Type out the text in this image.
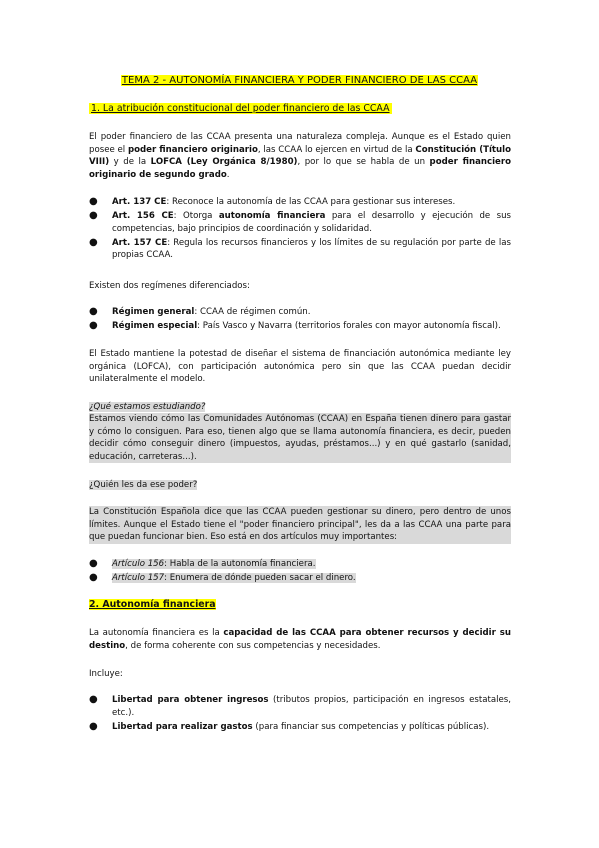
TEMA 2 - AUTONOMÍA FINANCIERA Y PODER FINANCIERO DE LAS CCAA

1. La atribución constitucional del poder financiero de las CCAA

El poder financiero de las CCAA presenta una naturaleza compleja. Aunque es el Estado quien posee el poder financiero originario, las CCAA lo ejercen en virtud de la Constitución (Título VIII) y de la LOFCA (Ley Orgánica 8/1980), por lo que se habla de un poder financiero originario de segundo grado.

● Art. 137 CE: Reconoce la autonomía de las CCAA para gestionar sus intereses.
● Art. 156 CE: Otorga autonomía financiera para el desarrollo y ejecución de sus competencias, bajo principios de coordinación y solidaridad.
● Art. 157 CE: Regula los recursos financieros y los límites de su regulación por parte de las propias CCAA.

Existen dos regímenes diferenciados:

● Régimen general: CCAA de régimen común.
● Régimen especial: País Vasco y Navarra (territorios forales con mayor autonomía fiscal).

El Estado mantiene la potestad de diseñar el sistema de financiación autonómica mediante ley orgánica (LOFCA), con participación autonómica pero sin que las CCAA puedan decidir unilateralmente el modelo.

¿Qué estamos estudiando?

Estamos viendo cómo las Comunidades Autónomas (CCAA) en España tienen dinero para gastar y cómo lo consiguen. Para eso, tienen algo que se llama autonomía financiera, es decir, pueden decidir cómo conseguir dinero (impuestos, ayudas, préstamos...) y en qué gastarlo (sanidad, educación, carreteras...).

¿Quién les da ese poder?

La Constitución Española dice que las CCAA pueden gestionar su dinero, pero dentro de unos límites. Aunque el Estado tiene el "poder financiero principal", les da a las CCAA una parte para que puedan funcionar bien. Eso está en dos artículos muy importantes:

● Artículo 156: Habla de la autonomía financiera.
● Artículo 157: Enumera de dónde pueden sacar el dinero.

2. Autonomía financiera

La autonomía financiera es la capacidad de las CCAA para obtener recursos y decidir su destino, de forma coherente con sus competencias y necesidades.

Incluye:

● Libertad para obtener ingresos (tributos propios, participación en ingresos estatales, etc.).
● Libertad para realizar gastos (para financiar sus competencias y políticas públicas).
